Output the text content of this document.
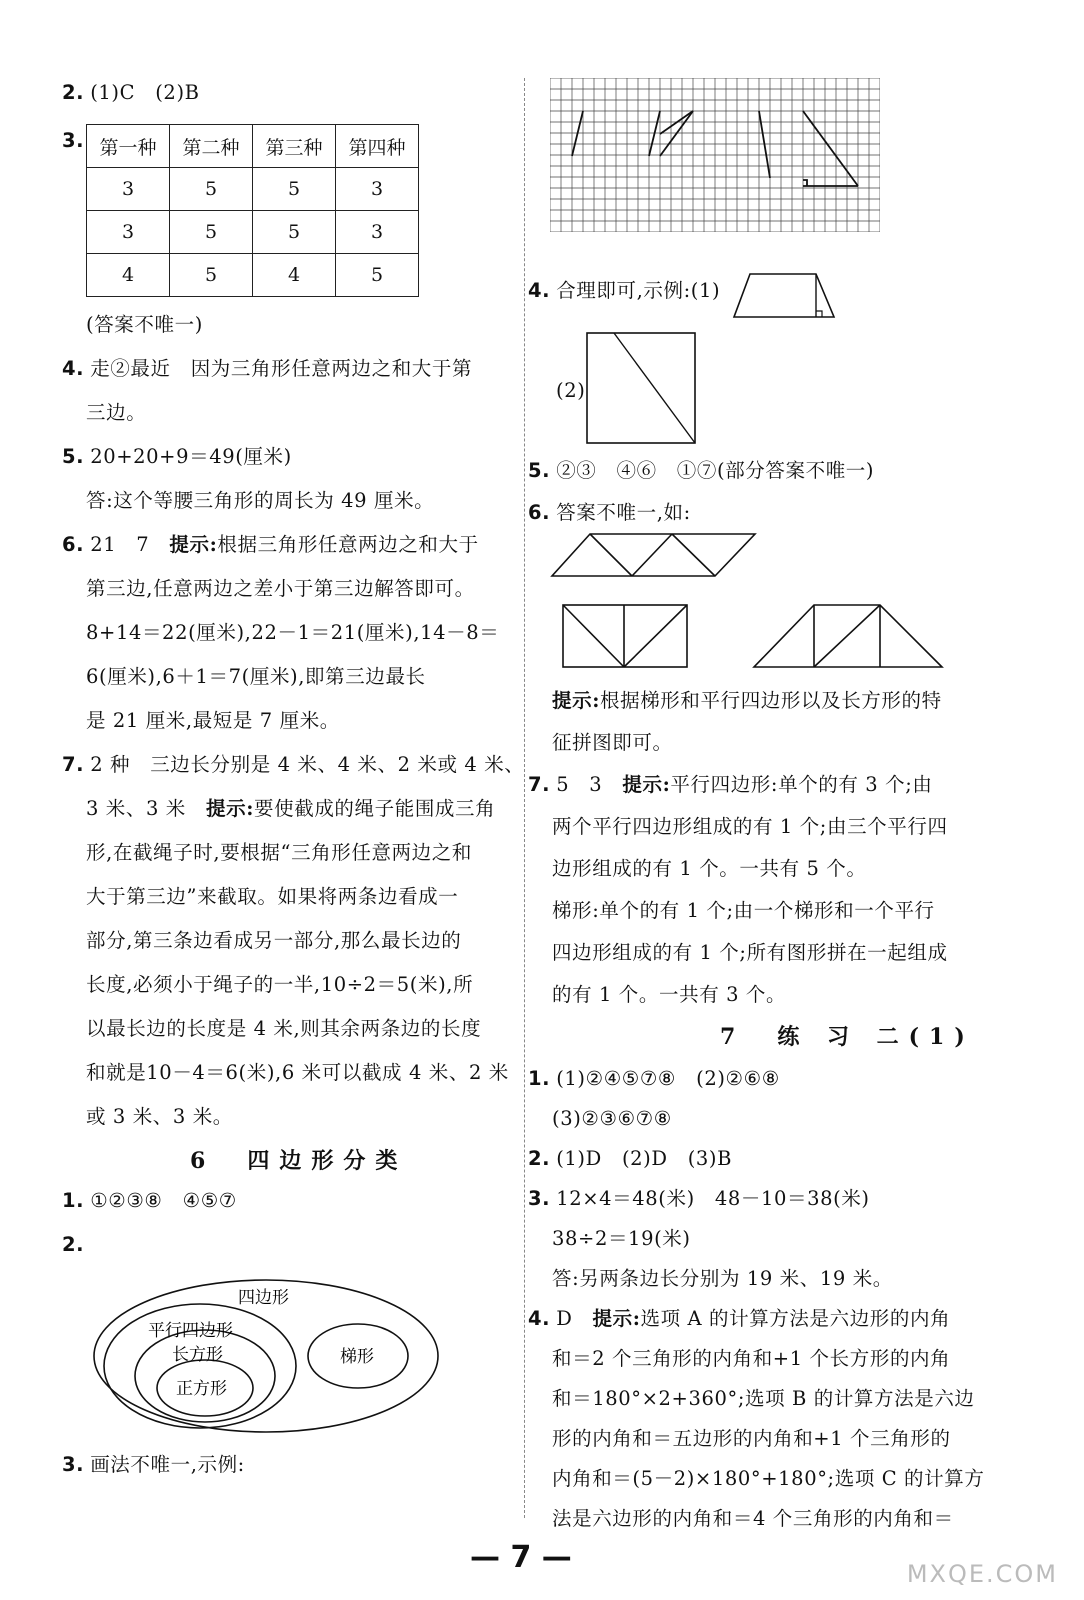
2. (1)C　(2)B
3. 第一种	第二种	第三种	第四种
3	5	5	3
3	5	5	3
4	5	4	5
(答案不唯一)
4. 走②最近　因为三角形任意两边之和大于第
三边。
5. 20+20+9＝49(厘米)
答:这个等腰三角形的周长为 49 厘米。
6. 21　7　 提示:根据三角形任意两边之和大于
第三边,任意两边之差小于第三边解答即可。
8+14＝22(厘米),22－1＝21(厘米),14－8＝
6(厘米),6＋1＝7(厘米),即第三边最长
是 21 厘米,最短是 7 厘米。
7. 2 种　三边长分别是 4 米、4 米、2 米或 4 米、
3 米、3 米　 提示:要使截成的绳子能围成三角
形,在截绳子时,要根据“三角形任意两边之和
大于第三边”来截取。如果将两条边看成一
部分,第三条边看成另一部分,那么最长边的
长度,必须小于绳子的一半,10÷2＝5(米),所
以最长边的长度是 4 米,则其余两条边的长度
和就是10－4＝6(米),6 米可以截成 4 米、2 米
或 3 米、3 米。
6　 四边形分类
1. ①②③⑧　④⑤⑦
2.
四边形
平行四边形
长方形
正方形
梯形
3. 画法不唯一,示例:
4. 合理即可,示例:(1)
(2)
5. ②③　④⑥　①⑦(部分答案不唯一)
6. 答案不唯一,如:
提示:根据梯形和平行四边形以及长方形的特
征拼图即可。
7. 5　3　 提示:平行四边形:单个的有 3 个;由
两个平行四边形组成的有 1 个;由三个平行四
边形组成的有 1 个。一共有 5 个。
梯形:单个的有 1 个;由一个梯形和一个平行
四边形组成的有 1 个;所有图形拼在一起组成
的有 1 个。一共有 3 个。
7　 练 习 二(1)
1. (1)②④⑤⑦⑧　(2)②⑥⑧
(3)②③⑥⑦⑧
2. (1)D　(2)D　(3)B
3. 12×4＝48(米)　48－10＝38(米)
38÷2＝19(米)
答:另两条边长分别为 19 米、19 米。
4. D　 提示:选项 A 的计算方法是六边形的内角
和＝2 个三角形的内角和+1 个长方形的内角
和＝180°×2+360°;选项 B 的计算方法是六边
形的内角和＝五边形的内角和+1 个三角形的
内角和＝(5－2)×180°+180°;选项 C 的计算方
法是六边形的内角和＝4 个三角形的内角和＝
— 7 —	MXQE.COM
